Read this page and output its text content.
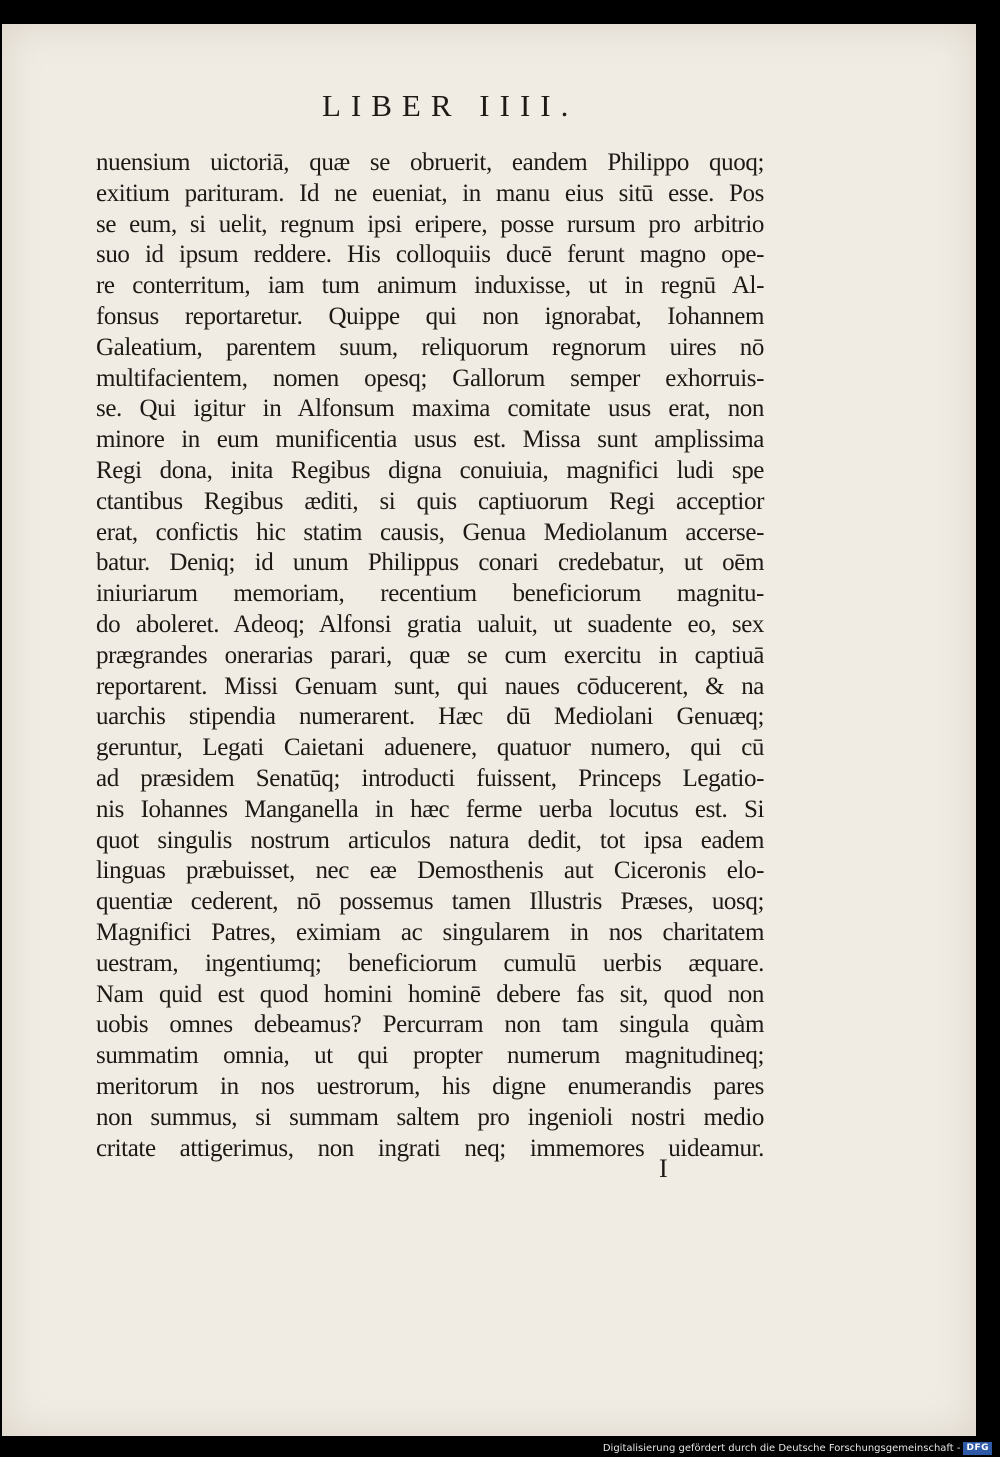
LIBER IIII.
nuensium uictoriā, quæ se obruerit, eandem Philippo quoq;
exitium parituram. Id ne eueniat, in manu eius sitū esse. Pos
se eum, si uelit, regnum ipsi eripere, posse rursum pro arbitrio
suo id ipsum reddere. His colloquiis ducē ferunt magno ope-
re conterritum, iam tum animum induxisse, ut in regnū Al-
fonsus reportaretur. Quippe qui non ignorabat, Iohannem
Galeatium, parentem suum, reliquorum regnorum uires nō
multifacientem, nomen opesq; Gallorum semper exhorruis-
se. Qui igitur in Alfonsum maxima comitate usus erat, non
minore in eum munificentia usus est. Missa sunt amplissima
Regi dona, inita Regibus digna conuiuia, magnifici ludi spe
ctantibus Regibus æditi, si quis captiuorum Regi acceptior
erat, confictis hic statim causis, Genua Mediolanum accerse-
batur. Deniq; id unum Philippus conari credebatur, ut oēm
iniuriarum memoriam, recentium beneficiorum magnitu-
do aboleret. Adeoq; Alfonsi gratia ualuit, ut suadente eo, sex
prægrandes onerarias parari, quæ se cum exercitu in captiuā
reportarent. Missi Genuam sunt, qui naues cōducerent, & na
uarchis stipendia numerarent. Hæc dū Mediolani Genuæq;
geruntur, Legati Caietani aduenere, quatuor numero, qui cū
ad præsidem Senatūq; introducti fuissent, Princeps Legatio-
nis Iohannes Manganella in hæc ferme uerba locutus est. Si
quot singulis nostrum articulos natura dedit, tot ipsa eadem
linguas præbuisset, nec eæ Demosthenis aut Ciceronis elo-
quentiæ cederent, nō possemus tamen Illustris Præses, uosq;
Magnifici Patres, eximiam ac singularem in nos charitatem
uestram, ingentiumq; beneficiorum cumulū uerbis æquare.
Nam quid est quod homini hominē debere fas sit, quod non
uobis omnes debeamus? Percurram non tam singula quàm
summatim omnia, ut qui propter numerum magnitudineq;
meritorum in nos uestrorum, his digne enumerandis pares
non summus, si summam saltem pro ingenioli nostri medio
critate attigerimus, non ingrati neq; immemores uideamur.
I
Digitalisierung gefördert durch die Deutsche Forschungsgemeinschaft - DFG
